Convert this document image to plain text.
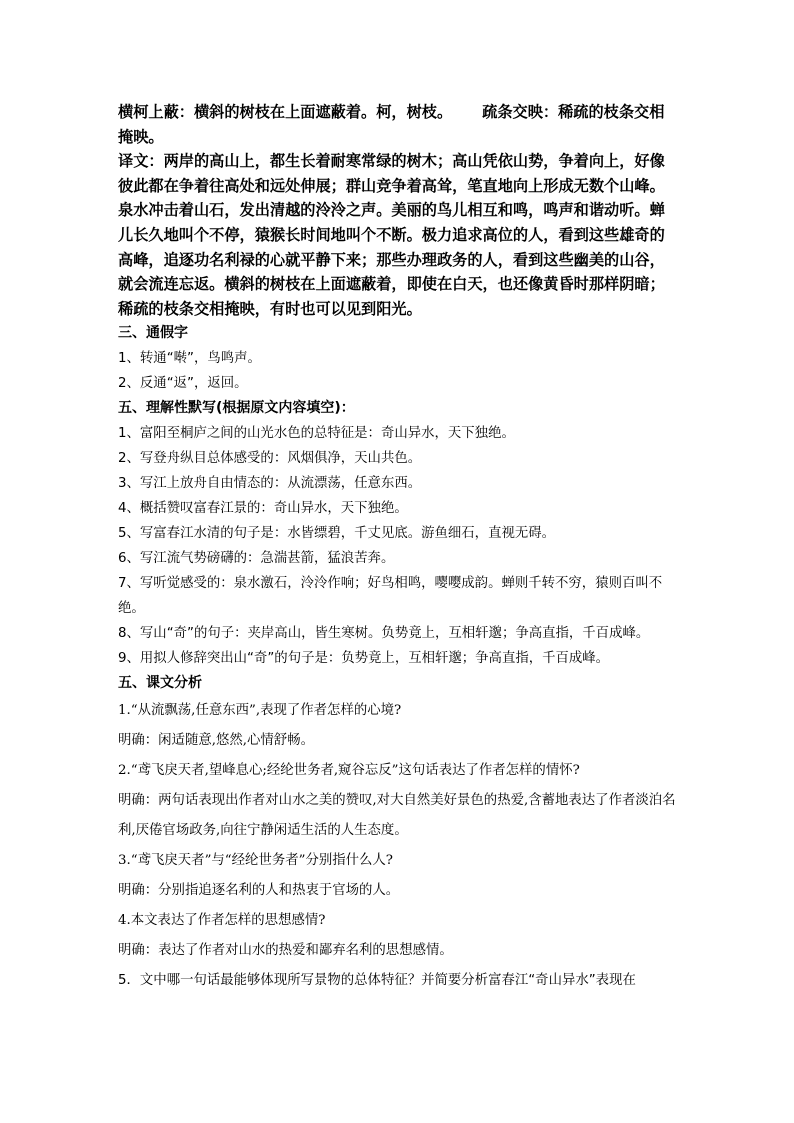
横柯上蔽：横斜的树枝在上面遮蔽着。柯，树枝。 疏条交映：稀疏的枝条交相掩映。

译文：两岸的高山上，都生长着耐寒常绿的树木；高山凭依山势，争着向上，好像彼此都在争着往高处和远处伸展；群山竞争着高耸，笔直地向上形成无数个山峰。泉水冲击着山石，发出清越的泠泠之声。美丽的鸟儿相互和鸣，鸣声和谐动听。蝉儿长久地叫个不停，猿猴长时间地叫个不断。极力追求高位的人，看到这些雄奇的高峰，追逐功名利禄的心就平静下来；那些办理政务的人，看到这些幽美的山谷，就会流连忘返。横斜的树枝在上面遮蔽着，即使在白天，也还像黄昏时那样阴暗；稀疏的枝条交相掩映，有时也可以见到阳光。

三、通假字

1、转通“啭”，鸟鸣声。

2、反通“返”，返回。

五、理解性默写(根据原文内容填空)：

1、富阳至桐庐之间的山光水色的总特征是：奇山异水，天下独绝。

2、写登舟纵目总体感受的：风烟俱净，天山共色。

3、写江上放舟自由情态的：从流漂荡，任意东西。

4、概括赞叹富春江景的：奇山异水，天下独绝。

5、写富春江水清的句子是：水皆缥碧，千丈见底。游鱼细石，直视无碍。

6、写江流气势磅礴的：急湍甚箭，猛浪苦奔。

7、写听觉感受的：泉水激石，泠泠作响；好鸟相鸣，嘤嘤成韵。蝉则千转不穷，猿则百叫不绝。

8、写山“奇”的句子：夹岸高山，皆生寒树。负势竟上，互相轩邈；争高直指，千百成峰。

9、用拟人修辞突出山“奇”的句子是：负势竟上，互相轩邈；争高直指，千百成峰。

五、课文分析

1.“从流飘荡,任意东西”,表现了作者怎样的心境?

明确：闲适随意,悠然,心情舒畅。

2.“鸢飞戾天者,望峰息心;经纶世务者,窥谷忘反”这句话表达了作者怎样的情怀?

明确：两句话表现出作者对山水之美的赞叹,对大自然美好景色的热爱,含蓄地表达了作者淡泊名利,厌倦官场政务,向往宁静闲适生活的人生态度。

3.“鸢飞戾天者”与“经纶世务者”分别指什么人?

明确：分别指追逐名利的人和热衷于官场的人。

4.本文表达了作者怎样的思想感情?

明确：表达了作者对山水的热爱和鄙弃名利的思想感情。

5．文中哪一句话最能够体现所写景物的总体特征？并简要分析富春江“奇山异水”表现在
